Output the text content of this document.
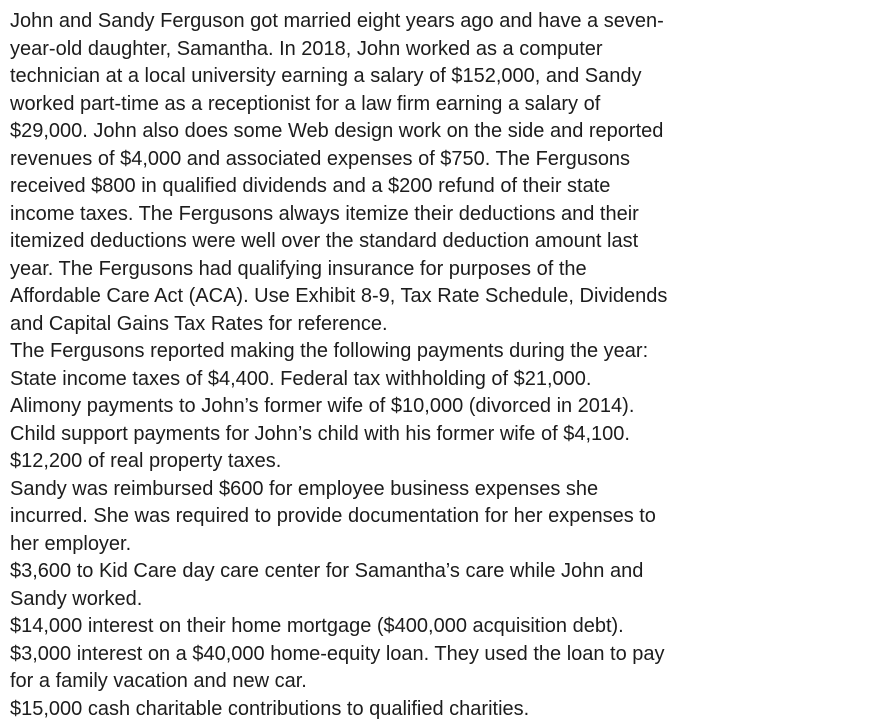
John and Sandy Ferguson got married eight years ago and have a seven-
year-old daughter, Samantha. In 2018, John worked as a computer
technician at a local university earning a salary of $152,000, and Sandy
worked part-time as a receptionist for a law firm earning a salary of
$29,000. John also does some Web design work on the side and reported
revenues of $4,000 and associated expenses of $750. The Fergusons
received $800 in qualified dividends and a $200 refund of their state
income taxes. The Fergusons always itemize their deductions and their
itemized deductions were well over the standard deduction amount last
year. The Fergusons had qualifying insurance for purposes of the
Affordable Care Act (ACA). Use Exhibit 8-9, Tax Rate Schedule, Dividends
and Capital Gains Tax Rates for reference.
The Fergusons reported making the following payments during the year:
State income taxes of $4,400. Federal tax withholding of $21,000.
Alimony payments to John’s former wife of $10,000 (divorced in 2014).
Child support payments for John’s child with his former wife of $4,100.
$12,200 of real property taxes.
Sandy was reimbursed $600 for employee business expenses she
incurred. She was required to provide documentation for her expenses to
her employer.
$3,600 to Kid Care day care center for Samantha’s care while John and
Sandy worked.
$14,000 interest on their home mortgage ($400,000 acquisition debt).
$3,000 interest on a $40,000 home-equity loan. They used the loan to pay
for a family vacation and new car.
$15,000 cash charitable contributions to qualified charities.
